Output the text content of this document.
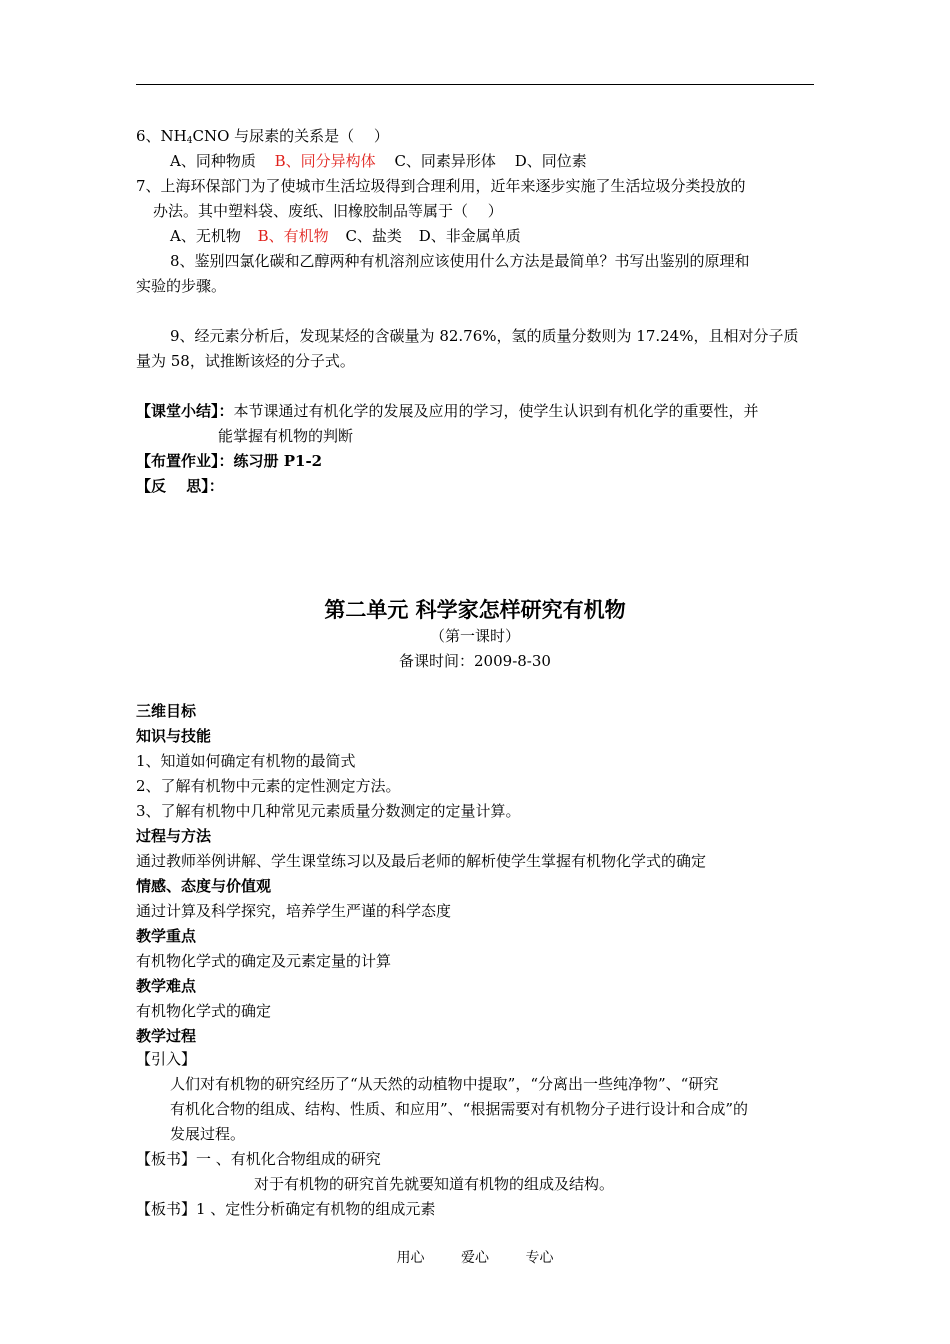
6、$NH_4CNO$ 与尿素的关系是（　 ）
A、同种物质 B、同分异构体 C、同素异形体 D、同位素
7、上海环保部门为了使城市生活垃圾得到合理利用，近年来逐步实施了生活垃圾分类投放的
办法。其中塑料袋、废纸、旧橡胶制品等属于（　 ）
A、无机物 B、有机物 C、盐类 D、非金属单质
8、鉴别四氯化碳和乙醇两种有机溶剂应该使用什么方法是最简单？书写出鉴别的原理和
实验的步骤。
9、经元素分析后，发现某烃的含碳量为 82.76%，氢的质量分数则为 17.24%，且相对分子质
量为 58，试推断该烃的分子式。
【课堂小结】：本节课通过有机化学的发展及应用的学习，使学生认识到有机化学的重要性，并
能掌握有机物的判断
【布置作业】：练习册 P1-2
【反　 思】：
第二单元 科学家怎样研究有机物
（第一课时）
备课时间：2009-8-30
三维目标
知识与技能
1、知道如何确定有机物的最简式
2、了解有机物中元素的定性测定方法。
3、了解有机物中几种常见元素质量分数测定的定量计算。
过程与方法
通过教师举例讲解、学生课堂练习以及最后老师的解析使学生掌握有机物化学式的确定
情感、态度与价值观
通过计算及科学探究，培养学生严谨的科学态度
教学重点
有机物化学式的确定及元素定量的计算
教学难点
有机物化学式的确定
教学过程
【引入】
人们对有机物的研究经历了“从天然的动植物中提取”，“分离出一些纯净物”、“研究
有机化合物的组成、结构、性质、和应用”、“根据需要对有机物分子进行设计和合成”的
发展过程。
【板书】一 、有机化合物组成的研究
对于有机物的研究首先就要知道有机物的组成及结构。
【板书】1 、定性分析确定有机物的组成元素
用心　 爱心　 专心
